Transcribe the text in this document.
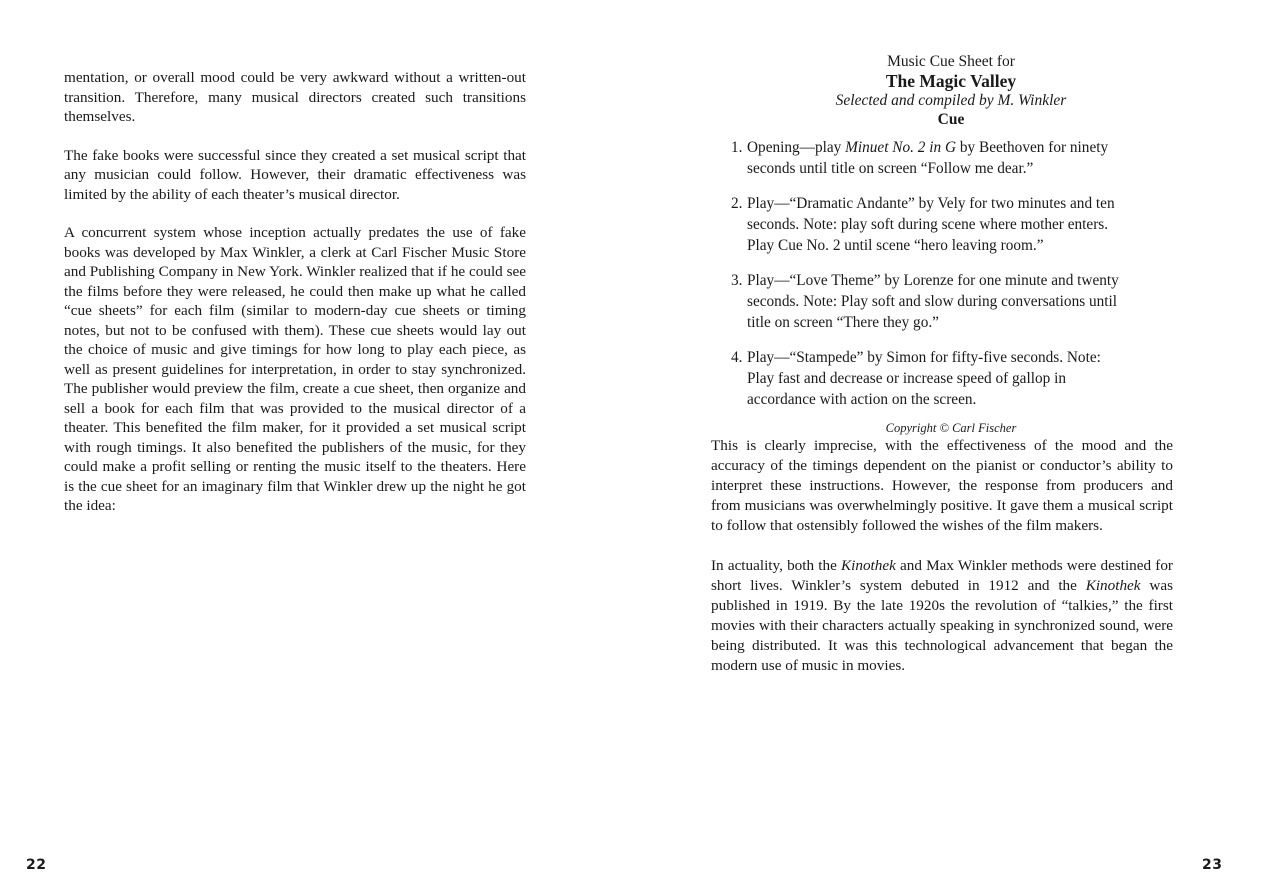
mentation, or overall mood could be very awkward without a written-out transition. Therefore, many musical directors created such transitions themselves.

The fake books were successful since they created a set musical script that any musician could follow. However, their dramatic effectiveness was limited by the ability of each theater’s musical director.

A concurrent system whose inception actually predates the use of fake books was developed by Max Winkler, a clerk at Carl Fischer Music Store and Publishing Company in New York. Winkler realized that if he could see the films before they were released, he could then make up what he called “cue sheets” for each film (similar to modern-day cue sheets or timing notes, but not to be confused with them). These cue sheets would lay out the choice of music and give timings for how long to play each piece, as well as present guidelines for interpretation, in order to stay synchronized. The publisher would preview the film, create a cue sheet, then organize and sell a book for each film that was provided to the musical director of a theater. This benefited the film maker, for it provided a set musical script with rough timings. It also benefited the publishers of the music, for they could make a profit selling or renting the music itself to the theaters. Here is the cue sheet for an imaginary film that Winkler drew up the night he got the idea:

22
Music Cue Sheet for
The Magic Valley
Selected and compiled by M. Winkler
Cue
1. Opening—play Minuet No. 2 in G by Beethoven for ninety seconds until title on screen “Follow me dear.”
2. Play—“Dramatic Andante” by Vely for two minutes and ten seconds. Note: play soft during scene where mother enters. Play Cue No. 2 until scene “hero leaving room.”
3. Play—“Love Theme” by Lorenze for one minute and twenty seconds. Note: Play soft and slow during conversations until title on screen “There they go.”
4. Play—“Stampede” by Simon for fifty-five seconds. Note: Play fast and decrease or increase speed of gallop in accordance with action on the screen.
Copyright © Carl Fischer

This is clearly imprecise, with the effectiveness of the mood and the accuracy of the timings dependent on the pianist or conductor’s ability to interpret these instructions. However, the response from producers and from musicians was overwhelmingly positive. It gave them a musical script to follow that ostensibly followed the wishes of the film makers.

In actuality, both the Kinothek and Max Winkler methods were destined for short lives. Winkler’s system debuted in 1912 and the Kinothek was published in 1919. By the late 1920s the revolution of “talkies,” the first movies with their characters actually speaking in synchronized sound, were being distributed. It was this technological advancement that began the modern use of music in movies.

23
